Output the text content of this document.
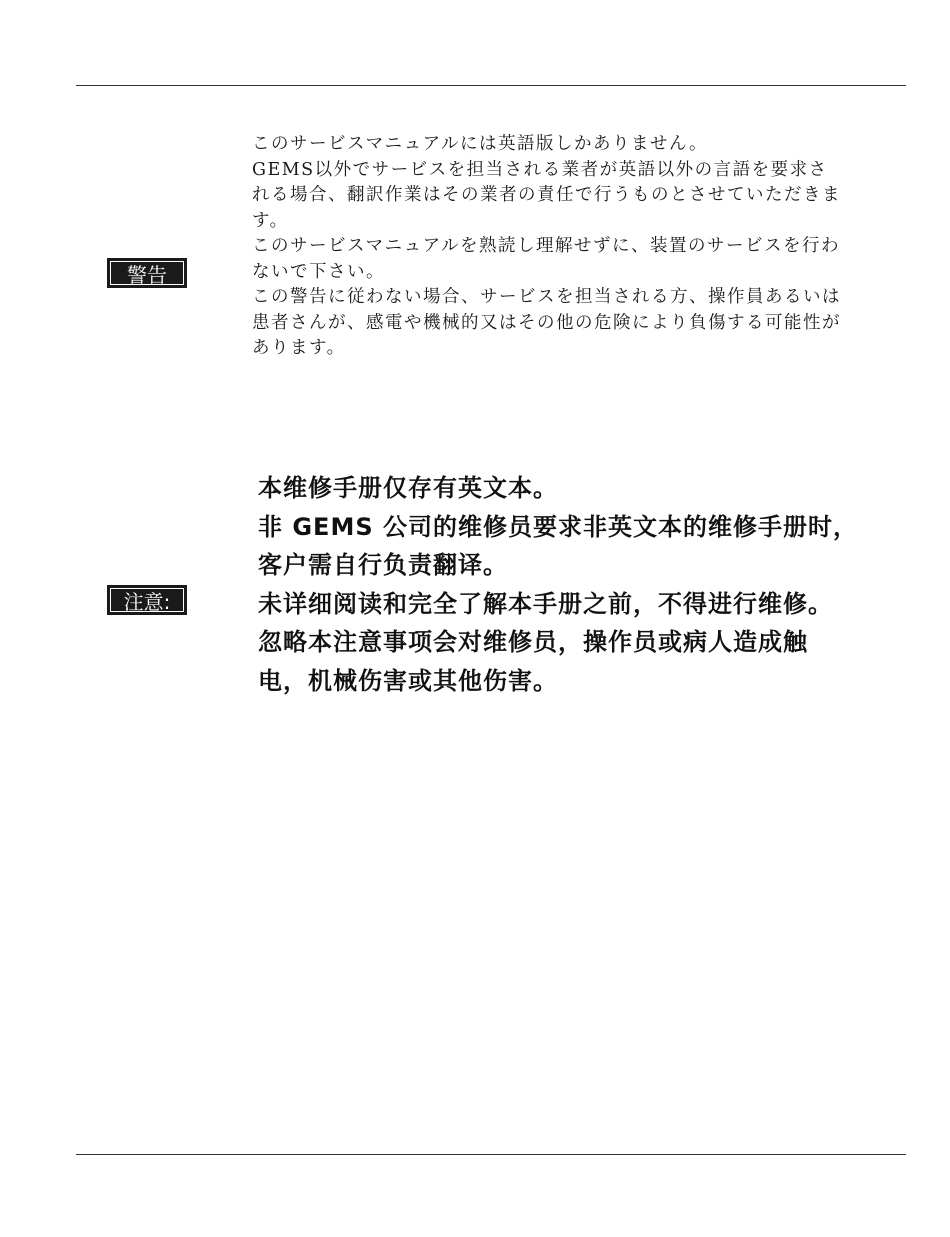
警告

このサービスマニュアルには英語版しかありません。

GEMS以外でサービスを担当される業者が英語以外の言語を要求さ

れる場合、翻訳作業はその業者の責任で行うものとさせていただきま

す。

このサービスマニュアルを熟読し理解せずに、装置のサービスを行わ

ないで下さい。

この警告に従わない場合、サービスを担当される方、操作員あるいは

患者さんが、感電や機械的又はその他の危険により負傷する可能性が

あります。

注意:

本维修手册仅存有英文本。

非 GEMS 公司的维修员要求非英文本的维修手册时，

客户需自行负责翻译。

未详细阅读和完全了解本手册之前，不得进行维修。

忽略本注意事项会对维修员，操作员或病人造成触

电，机械伤害或其他伤害。
